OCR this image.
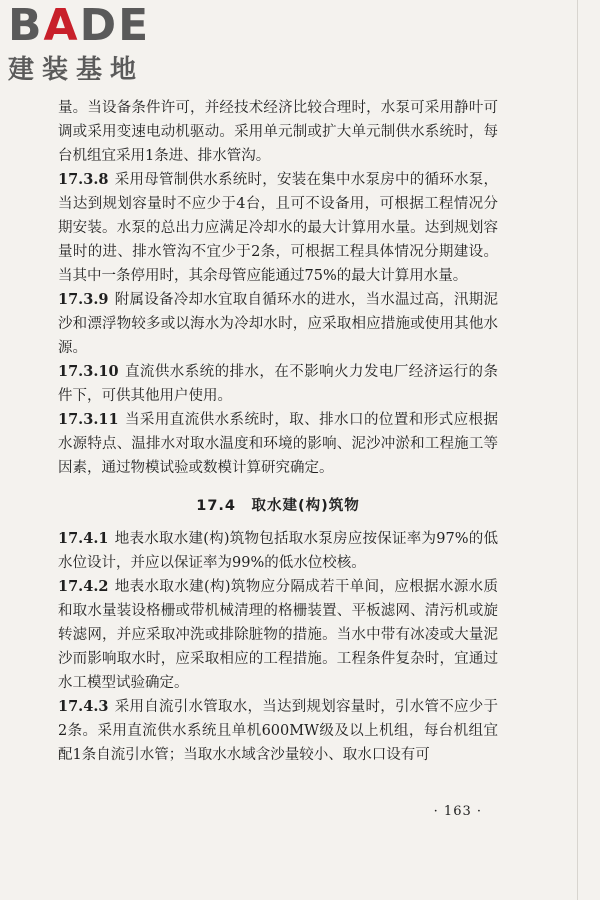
BADE
建装基地

量。当设备条件许可，并经技术经济比较合理时，水泵可采用静叶可调或采用变速电动机驱动。采用单元制或扩大单元制供水系统时，每台机组宜采用1条进、排水管沟。

17.3.8 采用母管制供水系统时，安装在集中水泵房中的循环水泵，当达到规划容量时不应少于4台，且可不设备用，可根据工程情况分期安装。水泵的总出力应满足冷却水的最大计算用水量。达到规划容量时的进、排水管沟不宜少于2条，可根据工程具体情况分期建设。当其中一条停用时，其余母管应能通过75%的最大计算用水量。

17.3.9 附属设备冷却水宜取自循环水的进水，当水温过高，汛期泥沙和漂浮物较多或以海水为冷却水时，应采取相应措施或使用其他水源。

17.3.10 直流供水系统的排水，在不影响火力发电厂经济运行的条件下，可供其他用户使用。

17.3.11 当采用直流供水系统时，取、排水口的位置和形式应根据水源特点、温排水对取水温度和环境的影响、泥沙冲淤和工程施工等因素，通过物模试验或数模计算研究确定。

17.4　取水建(构)筑物

17.4.1 地表水取水建(构)筑物包括取水泵房应按保证率为97%的低水位设计，并应以保证率为99%的低水位校核。

17.4.2 地表水取水建(构)筑物应分隔成若干单间，应根据水源水质和取水量装设格栅或带机械清理的格栅装置、平板滤网、清污机或旋转滤网，并应采取冲洗或排除脏物的措施。当水中带有冰凌或大量泥沙而影响取水时，应采取相应的工程措施。工程条件复杂时，宜通过水工模型试验确定。

17.4.3 采用自流引水管取水，当达到规划容量时，引水管不应少于2条。采用直流供水系统且单机600MW级及以上机组，每台机组宜配1条自流引水管；当取水水域含沙量较小、取水口设有可

· 163 ·
